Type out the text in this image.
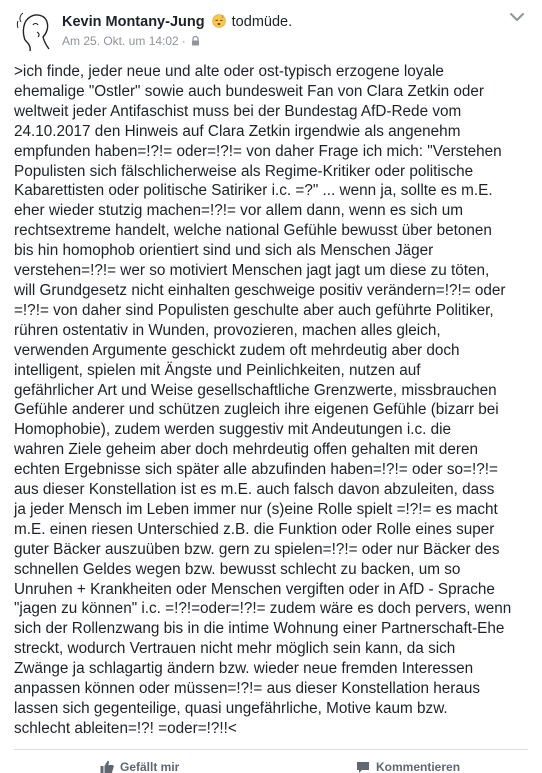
Kevin Montany-Jung	z todmüde.
Am 25. Okt. um 14:02 ·
>ich finde, jeder neue und alte oder ost-typisch erzogene loyale
ehemalige "Ostler" sowie auch bundesweit Fan von Clara Zetkin oder
weltweit jeder Antifaschist muss bei der Bundestag AfD-Rede vom
24.10.2017 den Hinweis auf Clara Zetkin irgendwie als angenehm
empfunden haben=!?!= oder=!?!= von daher Frage ich mich: "Verstehen
Populisten sich fälschlicherweise als Regime-Kritiker oder politische
Kabarettisten oder politische Satiriker i.c. =?" ... wenn ja, sollte es m.E.
eher wieder stutzig machen=!?!= vor allem dann, wenn es sich um
rechtsextreme handelt, welche national Gefühle bewusst über betonen
bis hin homophob orientiert sind und sich als Menschen Jäger
verstehen=!?!= wer so motiviert Menschen jagt jagt um diese zu töten,
will Grundgesetz nicht einhalten geschweige positiv verändern=!?!= oder
=!?!= von daher sind Populisten geschulte aber auch geführte Politiker,
rühren ostentativ in Wunden, provozieren, machen alles gleich,
verwenden Argumente geschickt zudem oft mehrdeutig aber doch
intelligent, spielen mit Ängste und Peinlichkeiten, nutzen auf
gefährlicher Art und Weise gesellschaftliche Grenzwerte, missbrauchen
Gefühle anderer und schützen zugleich ihre eigenen Gefühle (bizarr bei
Homophobie), zudem werden suggestiv mit Andeutungen i.c. die
wahren Ziele geheim aber doch mehrdeutig offen gehalten mit deren
echten Ergebnisse sich später alle abzufinden haben=!?!= oder so=!?!=
aus dieser Konstellation ist es m.E. auch falsch davon abzuleiten, dass
ja jeder Mensch im Leben immer nur (s)eine Rolle spielt =!?!= es macht
m.E. einen riesen Unterschied z.B. die Funktion oder Rolle eines super
guter Bäcker auszuüben bzw. gern zu spielen=!?!= oder nur Bäcker des
schnellen Geldes wegen bzw. bewusst schlecht zu backen, um so
Unruhen + Krankheiten oder Menschen vergiften oder in AfD - Sprache
"jagen zu können" i.c. =!?!=oder=!?!= zudem wäre es doch pervers, wenn
sich der Rollenzwang bis in die intime Wohnung einer Partnerschaft-Ehe
streckt, wodurch Vertrauen nicht mehr möglich sein kann, da sich
Zwänge ja schlagartig ändern bzw. wieder neue fremden Interessen
anpassen können oder müssen=!?!= aus dieser Konstellation heraus
lassen sich gegenteilige, quasi ungefährliche, Motive kaum bzw.
schlecht ableiten=!?! =oder=!?!!<
Gefällt mir	Kommentieren
